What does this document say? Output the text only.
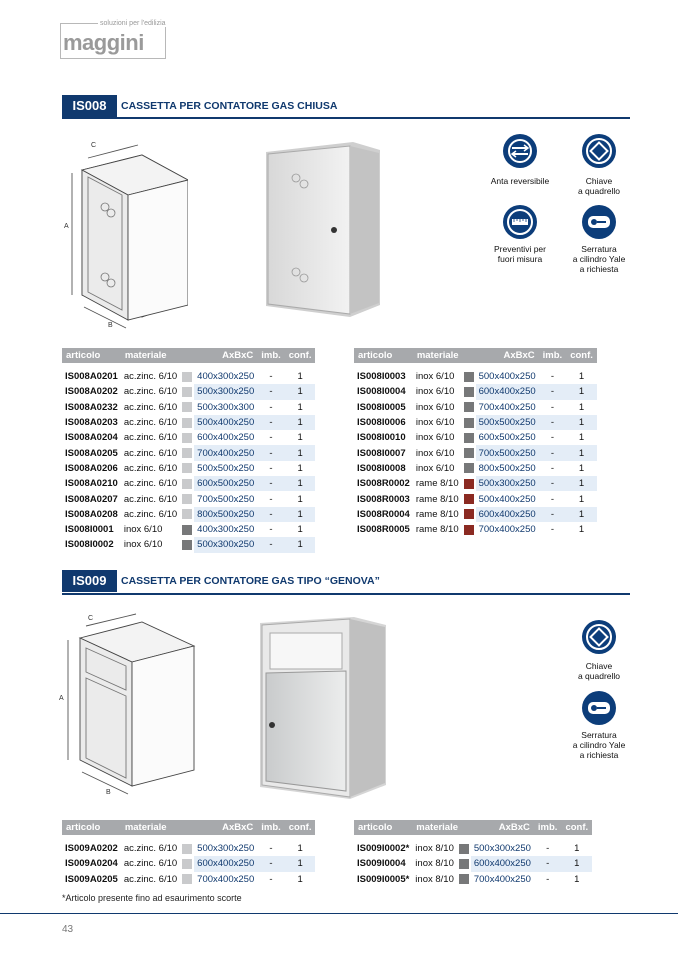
soluzioni per l'edilizia
maggini
IS008	CASSETTA PER CONTATORE GAS CHIUSA
A
B
C
Anta reversibile	Chiave
a quadrello
Preventivi per
fuori misura
Serratura
a cilindro Yale
a richiesta
articolo	materiale		AxBxC	imb.	conf.

IS008A0201	ac.zinc. 6/10		400x300x250	-	1
IS008A0202	ac.zinc. 6/10		500x300x250	-	1
IS008A0232	ac.zinc. 6/10		500x300x300	-	1
IS008A0203	ac.zinc. 6/10		500x400x250	-	1
IS008A0204	ac.zinc. 6/10		600x400x250	-	1
IS008A0205	ac.zinc. 6/10		700x400x250	-	1
IS008A0206	ac.zinc. 6/10		500x500x250	-	1
IS008A0210	ac.zinc. 6/10		600x500x250	-	1
IS008A0207	ac.zinc. 6/10		700x500x250	-	1
IS008A0208	ac.zinc. 6/10		800x500x250	-	1
IS008I0001	inox 6/10		400x300x250	-	1
IS008I0002	inox 6/10		500x300x250	-	1
articolo	materiale		AxBxC	imb.	conf.

IS008I0003	inox 6/10		500x400x250	-	1
IS008I0004	inox 6/10		600x400x250	-	1
IS008I0005	inox 6/10		700x400x250	-	1
IS008I0006	inox 6/10		500x500x250	-	1
IS008I0010	inox 6/10		600x500x250	-	1
IS008I0007	inox 6/10		700x500x250	-	1
IS008I0008	inox 6/10		800x500x250	-	1
IS008R0002	rame 8/10		500x300x250	-	1
IS008R0003	rame 8/10		500x400x250	-	1
IS008R0004	rame 8/10		600x400x250	-	1
IS008R0005	rame 8/10		700x400x250	-	1
IS009	CASSETTA PER CONTATORE GAS TIPO “GENOVA”
A
B
C
Chiave
a quadrello
Serratura
a cilindro Yale
a richiesta
articolo	materiale		AxBxC	imb.	conf.

IS009A0202	ac.zinc. 6/10		500x300x250	-	1
IS009A0204	ac.zinc. 6/10		600x400x250	-	1
IS009A0205	ac.zinc. 6/10		700x400x250	-	1
articolo	materiale		AxBxC	imb.	conf.

IS009I0002*	inox 8/10		500x300x250	-	1
IS009I0004	inox 8/10		600x400x250	-	1
IS009I0005*	inox 8/10		700x400x250	-	1
*Articolo presente fino ad esaurimento scorte
43
